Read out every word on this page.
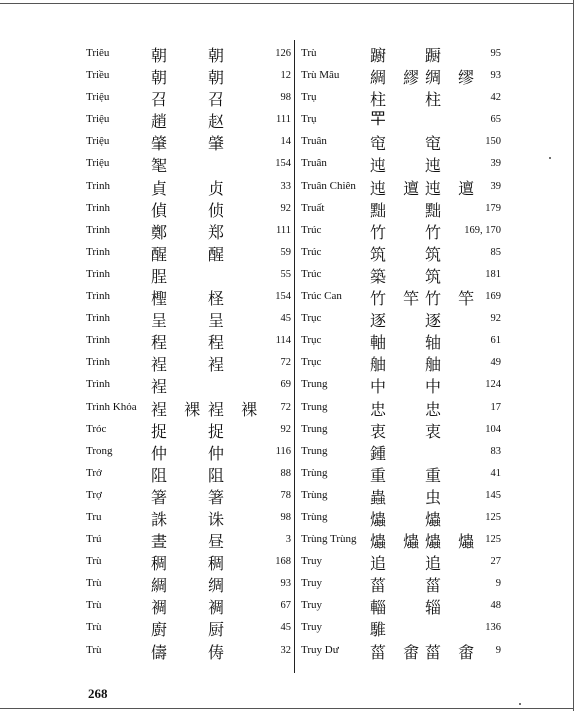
Triêu	朝 朝	126
Triều	朝 朝	12
Triệu	召 召	98
Triệu	趙 赵	111
Triệu	肇 肇	14
Triệu	㲛	154
Trinh	貞 贞	33
Trinh	偵 侦	92
Trinh	鄭 郑	111
Trình	醒 醒	59
Trình	脭	55
Trình	檉 柽	154
Trình	呈 呈	45
Trình	程 程	114
Trình	裎 裎	72
Trình	裎	69
Trình Khỏa 裎 裸 裎 裸 72
Tróc	捉 捉	92
Trong 仲 仲	116
Trở	阻 阻	88
Trợ	箸 箸	78
Tru	誅 诛	98
Trú	晝 昼	3
Trù	稠 稠	168
Trù	綢 绸	93
Trù	裯 裯	67
Trù	廚 厨	45
Trù	儔 俦	32
Trù	躕 蹰	95
Trù Mâu 綢 繆 绸 缪 93
Trụ	柱 柱	42
Trụ	𦉴	65
Truân	窀 窀	150
Truân	迍 迍	39
Truân Chiên 迍 邅 迍 邅 39
Truất	黜 黜	179
Trúc	竹 竹 169, 170
Trúc	筑 筑	85
Trúc	築 筑	181
Trúc Can 竹 竿 竹 竿 169
Trục	逐 逐	92
Trục	軸 轴	61
Trục	舳 舳	49
Trung	中 中	124
Trung	忠 忠	17
Trung	衷 衷	104
Trung	鍾	83
Trùng	重 重	41
Trùng	蟲 虫	145
Trùng	爞 爞	125
Trùng Trùng 爞 爞 爞 爞 125
Truy	追 追	27
Truy	菑 菑	9
Truy	輜 辎	48
Truy	騅	136
Truy Dư 菑 畬 菑 畬 9
268
